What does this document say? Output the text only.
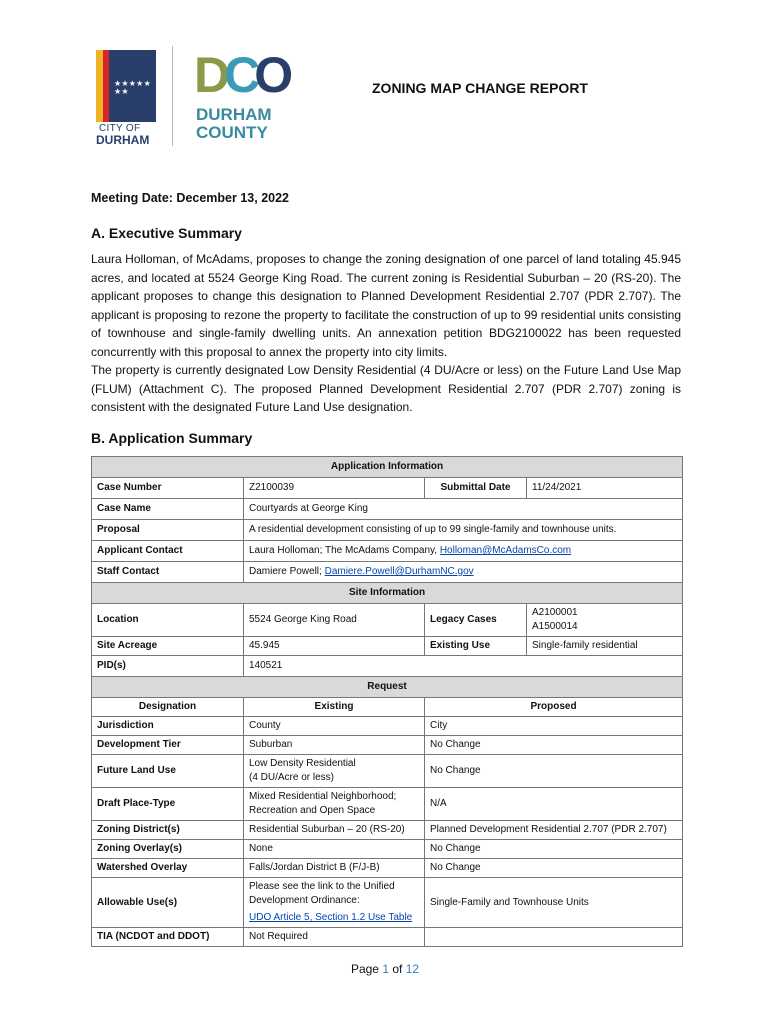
★ ★ ★ ★ ★ ★ ★
CITY OF
DURHAM
DCO
DURHAM
COUNTY
ZONING MAP CHANGE REPORT
Meeting Date: December 13, 2022
A. Executive Summary
Laura Holloman, of McAdams, proposes to change the zoning designation of one parcel of land totaling 45.945 acres, and located at 5524 George King Road. The current zoning is Residential Suburban – 20 (RS-20). The applicant proposes to change this designation to Planned Development Residential 2.707 (PDR 2.707). The applicant is proposing to rezone the property to facilitate the construction of up to 99 residential units consisting of townhouse and single-family dwelling units. An annexation petition BDG2100022 has been requested concurrently with this proposal to annex the property into city limits.
The property is currently designated Low Density Residential (4 DU/Acre or less) on the Future Land Use Map (FLUM) (Attachment C). The proposed Planned Development Residential 2.707 (PDR 2.707) zoning is consistent with the designated Future Land Use designation.
B. Application Summary
Application Information			
Case Number	Z2100039	Submittal Date	11/24/2021
Case Name	Courtyards at George King		
Proposal	A residential development consisting of up to 99 single-family and townhouse units.		
Applicant Contact	Laura Holloman; The McAdams Company, Holloman@McAdamsCo.com		
Staff Contact	Damiere Powell; Damiere.Powell@DurhamNC.gov		
Site Information			
Location	5524 George King Road	Legacy Cases	A2100001
A1500014

Site Acreage	45.945	Existing Use	Single-family residential
PID(s)	140521		
Request			
Designation	Existing	Proposed	
Jurisdiction	County	City	
Development Tier	Suburban	No Change	
Future Land Use	Low Density Residential
(4 DU/Acre or less)	No Change	
Draft Place-Type	Mixed Residential Neighborhood;
Recreation and Open Space	N/A	
Zoning District(s)	Residential Suburban – 20 (RS-20)	Planned Development Residential 2.707 (PDR 2.707)	
Zoning Overlay(s)	None	No Change	
Watershed Overlay	Falls/Jordan District B (F/J-B)	No Change	
Allowable Use(s)	Please see the link to the Unified
Development Ordinance:
UDO Article 5, Section 1.2 Use Table	Single-Family and Townhouse Units	
TIA (NCDOT and DDOT)	Not Required		
Page 1 of 12
